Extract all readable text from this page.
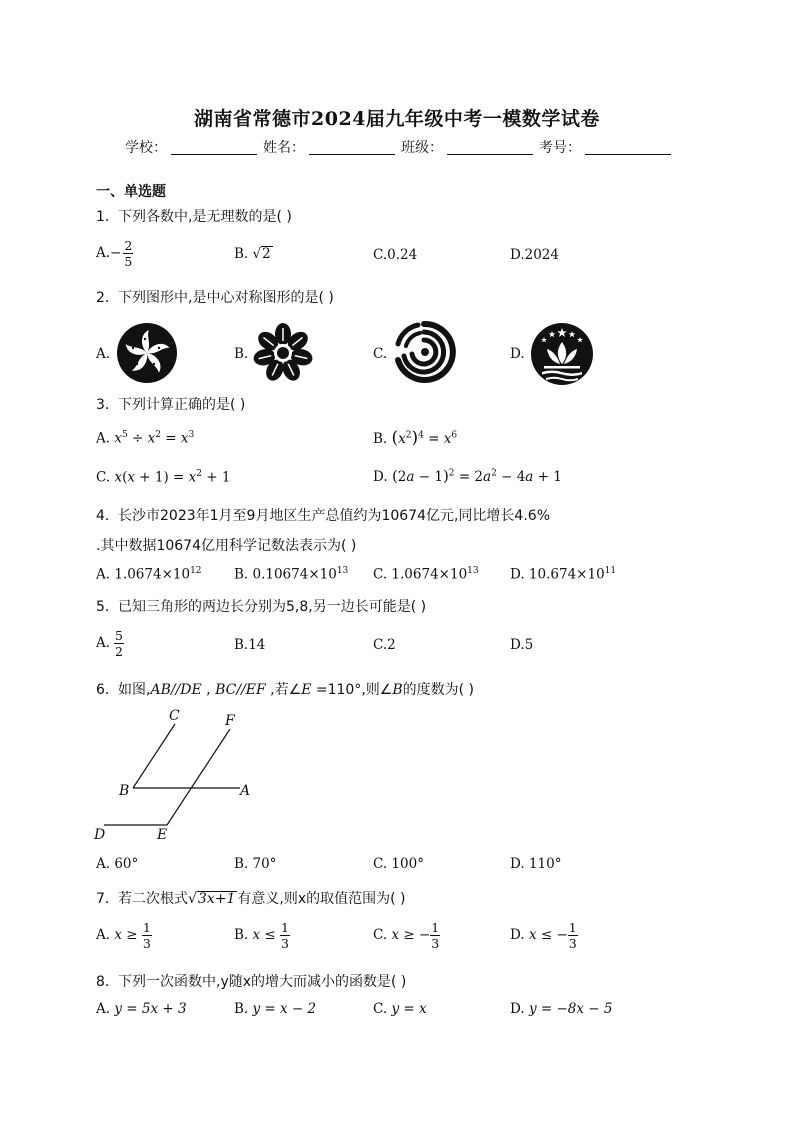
湖南省常德市2024届九年级中考一模数学试卷
学校：	姓名：	班级：	考号：
一、单选题
1．下列各数中,是无理数的是( )
$A.- \frac{2}{5}$	B. √2	C.0.24	D.2024
2．下列图形中,是中心对称图形的是( )
A.	B.	C.	D.
3．下列计算正确的是( )
A. $x^5 \div x^2 = x^3$	B. $(x^2)^4 = x^6$
C. $x(x + 1) = x^2 + 1$	D. $(2a - 1)^2 = 2a^2 - 4a + 1$
4．长沙市2023年1月至9月地区生产总值约为10674亿元,同比增长4.6%
.其中数据10674亿用科学记数法表示为( )
A. $1.0674\times 10^{12}$ B. $0.10674\times 10^{13}$ C. $1.0674\times 10^{13}$ D. $10.674\times 10^{11}$
5．已知三角形的两边长分别为5,8,另一边长可能是( )
A. $\frac{5}{2}$	B.14	C.2	D.5
6．如图,AB//DE , BC//EF ,若∠E =110°,则∠B的度数为( )
C	F
B	A
D	E
A. 60°	B. 70°	C. 100°	D. 110°
7．若二次根式√3x+1 有意义,则x的取值范围为( )
A. $x \ge \frac{1}{3}$	B. $x \le \frac{1}{3}$	C. x ≥ − $\frac{1}{3}$	D. x ≤ − $\frac{1}{3}$
8．下列一次函数中,y随x的增大而减小的函数是( )
A. y = 5x + 3	B. y = x − 2	C. y = x	D. y = −8x − 5
